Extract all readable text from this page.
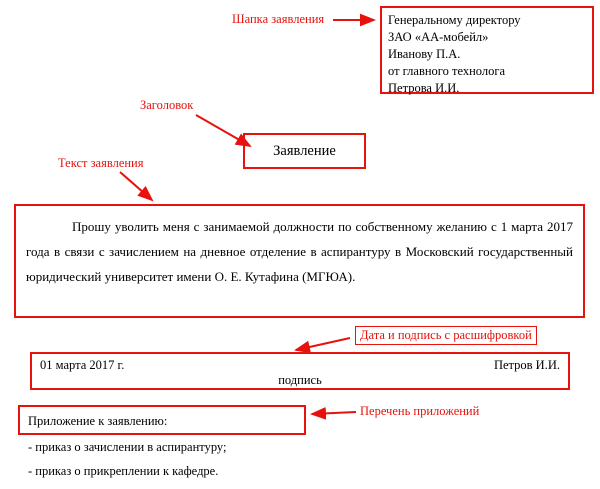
Шапка заявления
Заголовок
Текст заявления
Дата и подпись с расшифровкой
Перечень приложений
Генеральному директору
ЗАО «АА-мобейл»
Иванову П.А.
от главного технолога
Петрова И.И.
Заявление

Прошу уволить меня с занимаемой должности по собственному желанию с 1 марта 2017 года в связи с зачислением на дневное отделение в аспирантуру в Московский государственный юридический университет имени О. Е. Кутафина (МГЮА).

01 марта 2017 г.	Петров И.И.
подпись
Приложение к заявлению:
- приказ о зачислении в аспирантуру;
- приказ о прикреплении к кафедре.
